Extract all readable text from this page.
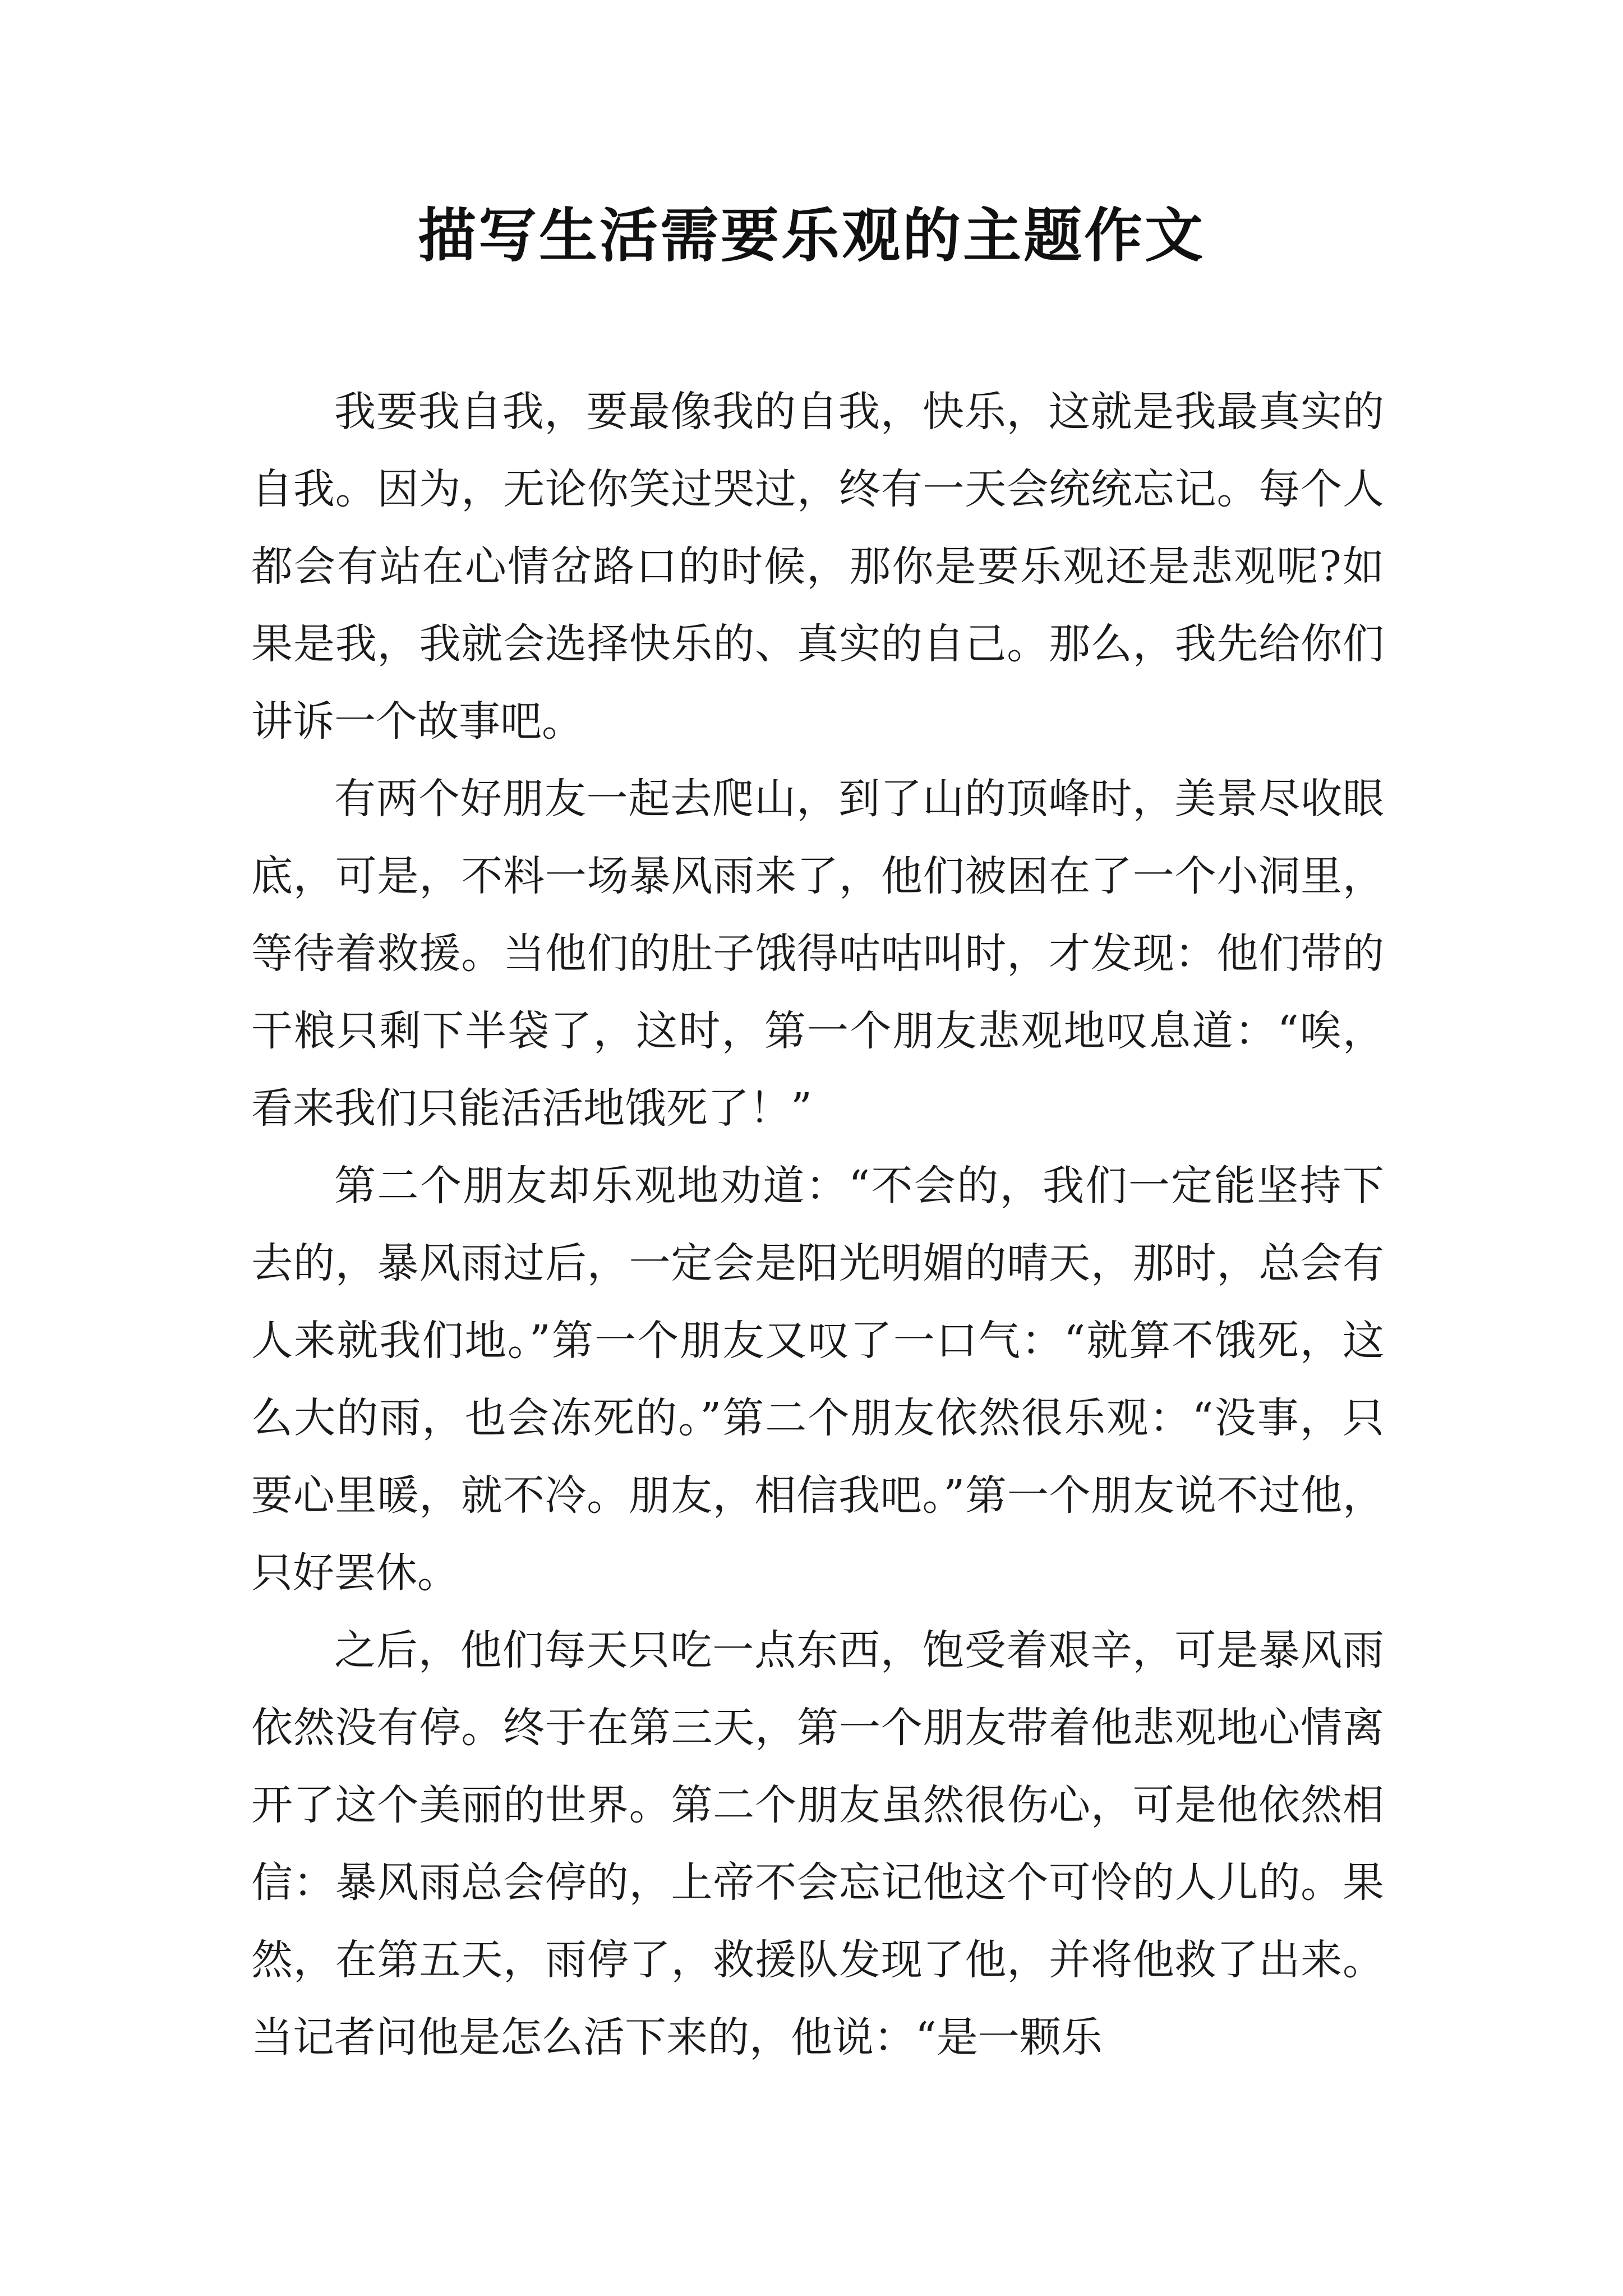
描写生活需要乐观的主题作文

我要我自我，要最像我的自我，快乐，这就是我最真实的自我。因为，无论你笑过哭过，终有一天会统统忘记。每个人都会有站在心情岔路口的时候，那你是要乐观还是悲观呢?如果是我，我就会选择快乐的、真实的自己。那么，我先给你们讲诉一个故事吧。

有两个好朋友一起去爬山，到了山的顶峰时，美景尽收眼底，可是，不料一场暴风雨来了，他们被困在了一个小洞里，等待着救援。当他们的肚子饿得咕咕叫时，才发现：他们带的干粮只剩下半袋了，这时，第一个朋友悲观地叹息道：“唉，看来我们只能活活地饿死了！”

第二个朋友却乐观地劝道：“不会的，我们一定能坚持下去的，暴风雨过后，一定会是阳光明媚的晴天，那时，总会有人来就我们地。”第一个朋友又叹了一口气：“就算不饿死，这么大的雨，也会冻死的。”第二个朋友依然很乐观：“没事，只要心里暖，就不冷。朋友，相信我吧。”第一个朋友说不过他，只好罢休。

之后，他们每天只吃一点东西，饱受着艰辛，可是暴风雨依然没有停。终于在第三天，第一个朋友带着他悲观地心情离开了这个美丽的世界。第二个朋友虽然很伤心，可是他依然相信：暴风雨总会停的，上帝不会忘记他这个可怜的人儿的。果然，在第五天，雨停了，救援队发现了他，并将他救了出来。当记者问他是怎么活下来的，他说：“是一颗乐
